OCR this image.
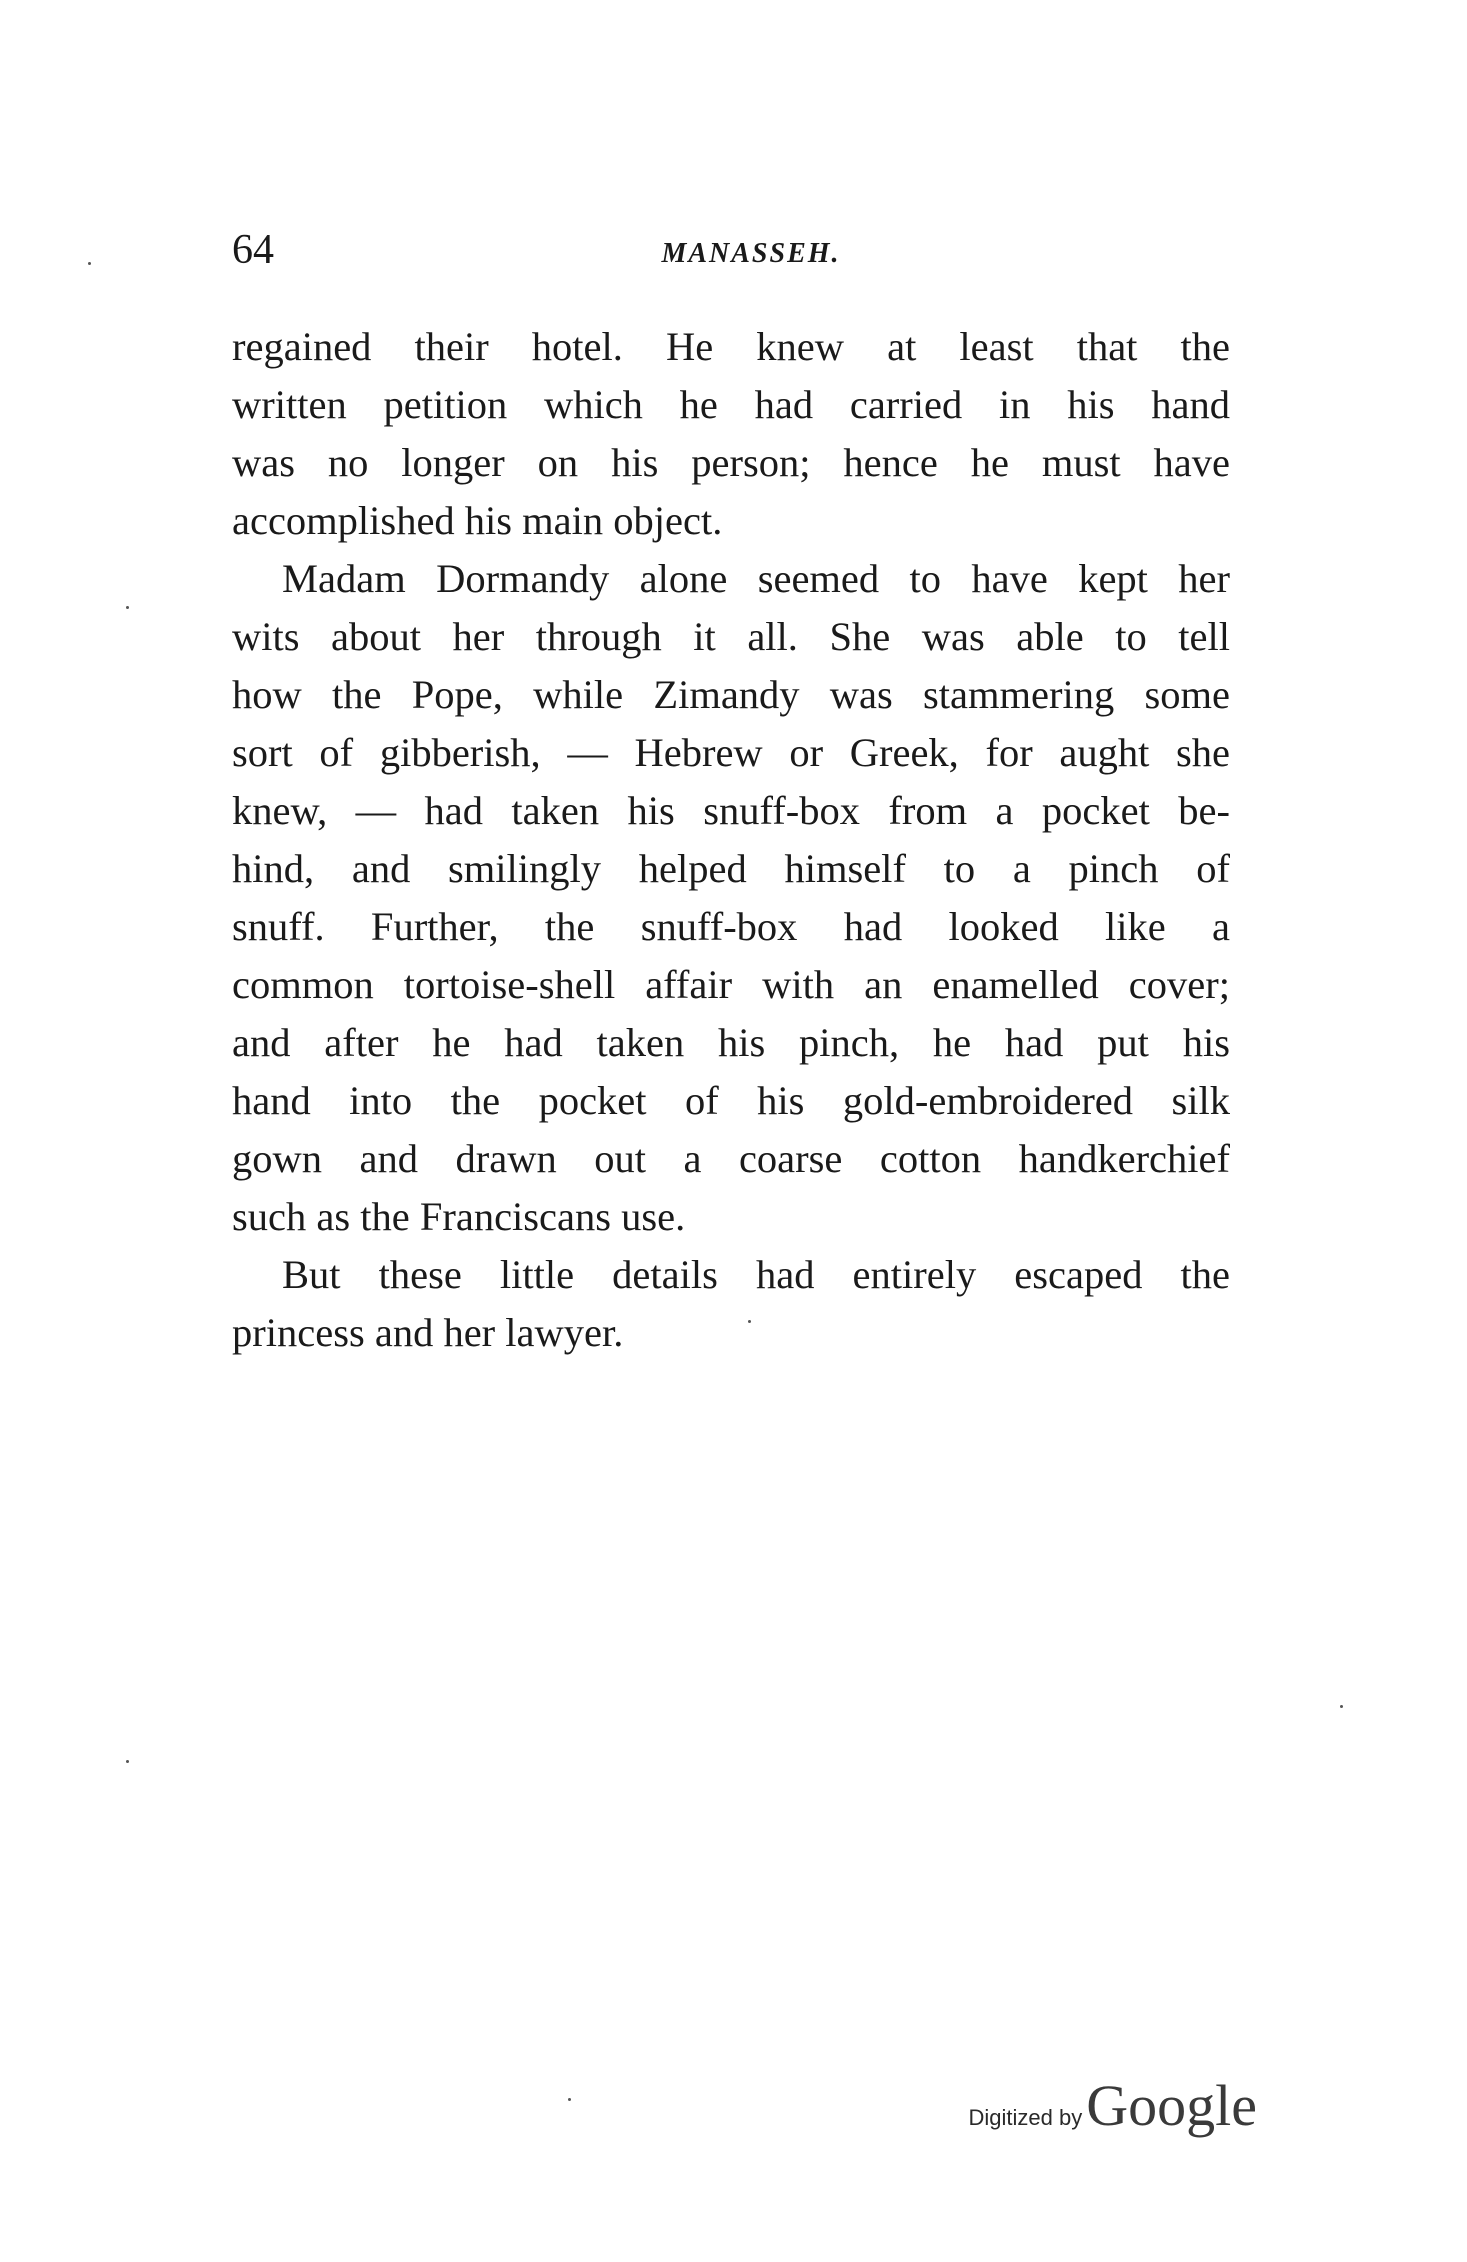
64	MANASSEH.

regained their hotel. He knew at least that the
written petition which he had carried in his hand
was no longer on his person; hence he must have
accomplished his main object.

Madam Dormandy alone seemed to have kept her
wits about her through it all. She was able to tell
how the Pope, while Zimandy was stammering some
sort of gibberish, — Hebrew or Greek, for aught she
knew, — had taken his snuff-box from a pocket be-
hind, and smilingly helped himself to a pinch of
snuff. Further, the snuff-box had looked like a
common tortoise-shell affair with an enamelled cover;
and after he had taken his pinch, he had put his
hand into the pocket of his gold-embroidered silk
gown and drawn out a coarse cotton handkerchief
such as the Franciscans use.

But these little details had entirely escaped the
princess and her lawyer.

Digitized by Google
